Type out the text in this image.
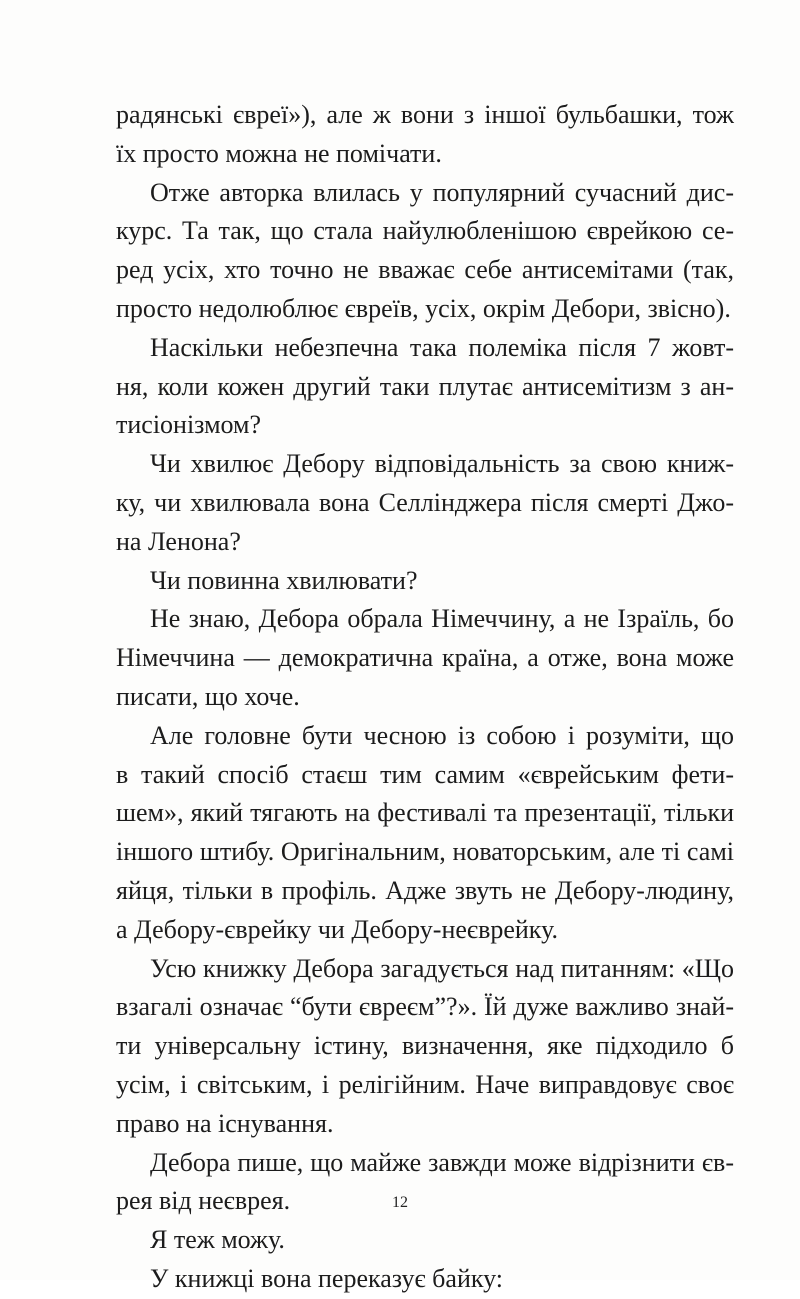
радянські євреї»), але ж вони з іншої бульбашки, тож
їх просто можна не помічати.
Отже авторка влилась у популярний сучасний дис-
курс. Та так, що стала найулюбленішою єврейкою се-
ред усіх, хто точно не вважає себе антисемітами (так,
просто недолюблює євреїв, усіх, окрім Дебори, звісно).
Наскільки небезпечна така полеміка після 7 жовт-
ня, коли кожен другий таки плутає антисемітизм з ан-
тисіонізмом?
Чи хвилює Дебору відповідальність за свою книж-
ку, чи хвилювала вона Селлінджера після смерті Джо-
на Ленона?
Чи повинна хвилювати?
Не знаю, Дебора обрала Німеччину, а не Ізраїль, бо
Німеччина — демократична країна, а отже, вона може
писати, що хоче.
Але головне бути чесною із собою і розуміти, що
в такий спосіб стаєш тим самим «єврейським фети-
шем», який тягають на фестивалі та презентації, тільки
іншого штибу. Оригінальним, новаторським, але ті самі
яйця, тільки в профіль. Адже звуть не Дебору-людину,
а Дебору-єврейку чи Дебору-неєврейку.
Усю книжку Дебора загадується над питанням: «Що
взагалі означає “бути євреєм”?». Їй дуже важливо знай-
ти універсальну істину, визначення, яке підходило б
усім, і світським, і релігійним. Наче виправдовує своє
право на існування.
Дебора пише, що майже завжди може відрізнити єв-
рея від неєврея.
Я теж можу.
У книжці вона переказує байку:
12
